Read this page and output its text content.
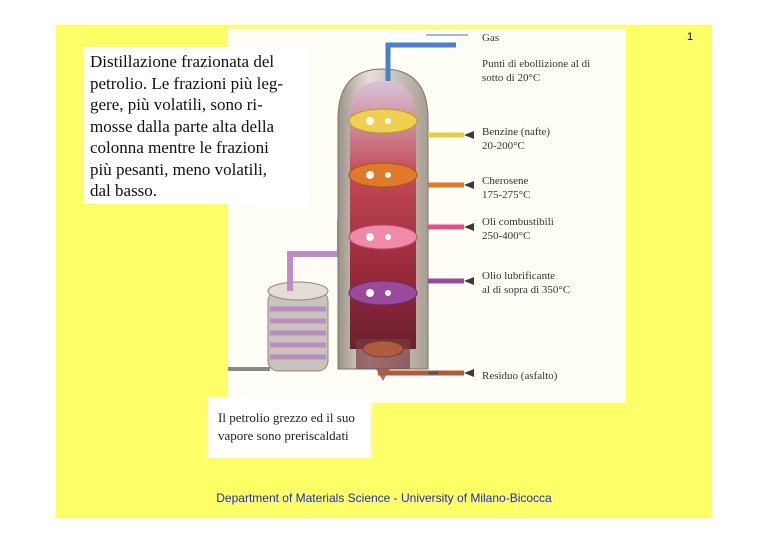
1
Gas
Punti di ebollizione al di
sotto di 20°C
Benzine (nafte)
20-200°C
Cherosene
175-275°C
Oli combustibili
250-400°C
Olio lubrificante
al di sopra di 350°C
Residuo (asfalto)
Distillazione frazionata del
petrolio. Le frazioni più leg-
gere, più volatili, sono ri-
mosse dalla parte alta della
colonna mentre le frazioni
più pesanti, meno volatili,
dal basso.
Il petrolio grezzo ed il suo
vapore sono preriscaldati
Department of Materials Science - University of Milano-Bicocca
